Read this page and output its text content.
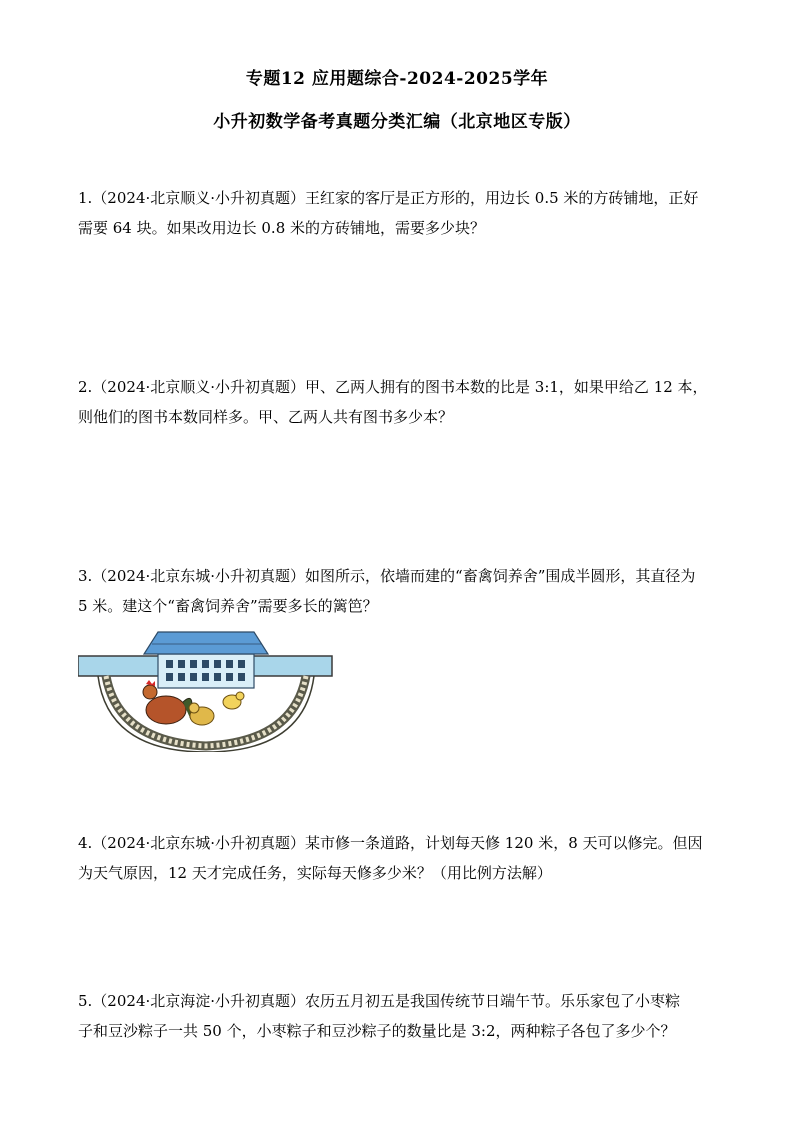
专题12 应用题综合-2024-2025学年
小升初数学备考真题分类汇编（北京地区专版）

1.（2024·北京顺义·小升初真题）王红家的客厅是正方形的，用边长 0.5 米的方砖铺地，正好

需要 64 块。如果改用边长 0.8 米的方砖铺地，需要多少块？

2.（2024·北京顺义·小升初真题）甲、乙两人拥有的图书本数的比是 3:1，如果甲给乙 12 本，

则他们的图书本数同样多。甲、乙两人共有图书多少本？

3.（2024·北京东城·小升初真题）如图所示，依墙而建的“畜禽饲养舍”围成半圆形，其直径为

5 米。建这个“畜禽饲养舍”需要多长的篱笆？

4.（2024·北京东城·小升初真题）某市修一条道路，计划每天修 120 米，8 天可以修完。但因

为天气原因，12 天才完成任务，实际每天修多少米？（用比例方法解）

5.（2024·北京海淀·小升初真题）农历五月初五是我国传统节日端午节。乐乐家包了小枣粽

子和豆沙粽子一共 50 个，小枣粽子和豆沙粽子的数量比是 3:2，两种粽子各包了多少个？
